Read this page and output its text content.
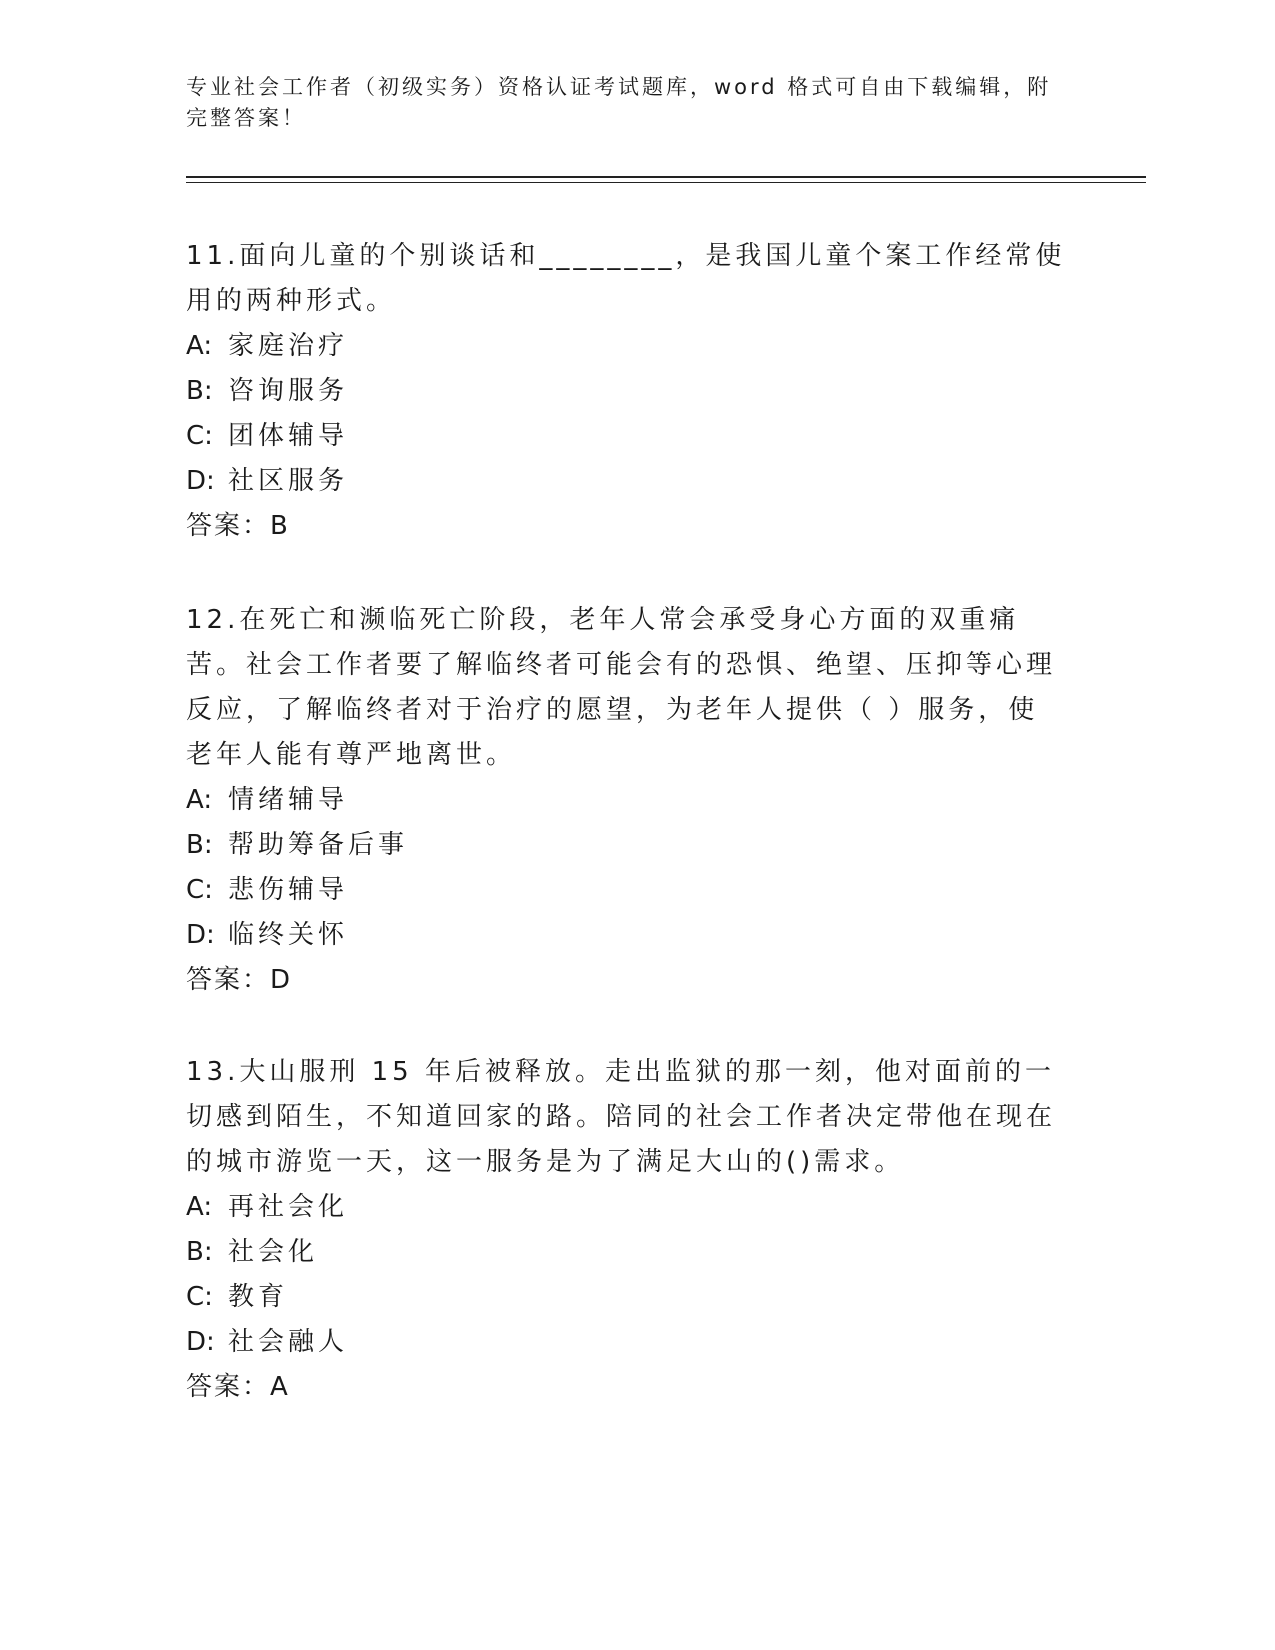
专业社会工作者（初级实务）资格认证考试题库，word 格式可自由下载编辑，附
完整答案！
11.面向儿童的个别谈话和________，是我国儿童个案工作经常使用的两种形式。
A: 家庭治疗
B: 咨询服务
C: 团体辅导
D: 社区服务
答案：B
12.在死亡和濒临死亡阶段，老年人常会承受身心方面的双重痛苦。社会工作者要了解临终者可能会有的恐惧、绝望、压抑等心理反应，了解临终者对于治疗的愿望，为老年人提供（ ）服务，使老年人能有尊严地离世。
A: 情绪辅导
B: 帮助筹备后事
C: 悲伤辅导
D: 临终关怀
答案：D
13.大山服刑 15 年后被释放。走出监狱的那一刻，他对面前的一切感到陌生，不知道回家的路。陪同的社会工作者决定带他在现在的城市游览一天，这一服务是为了满足大山的()需求。
A: 再社会化
B: 社会化
C: 教育
D: 社会融人
答案：A
